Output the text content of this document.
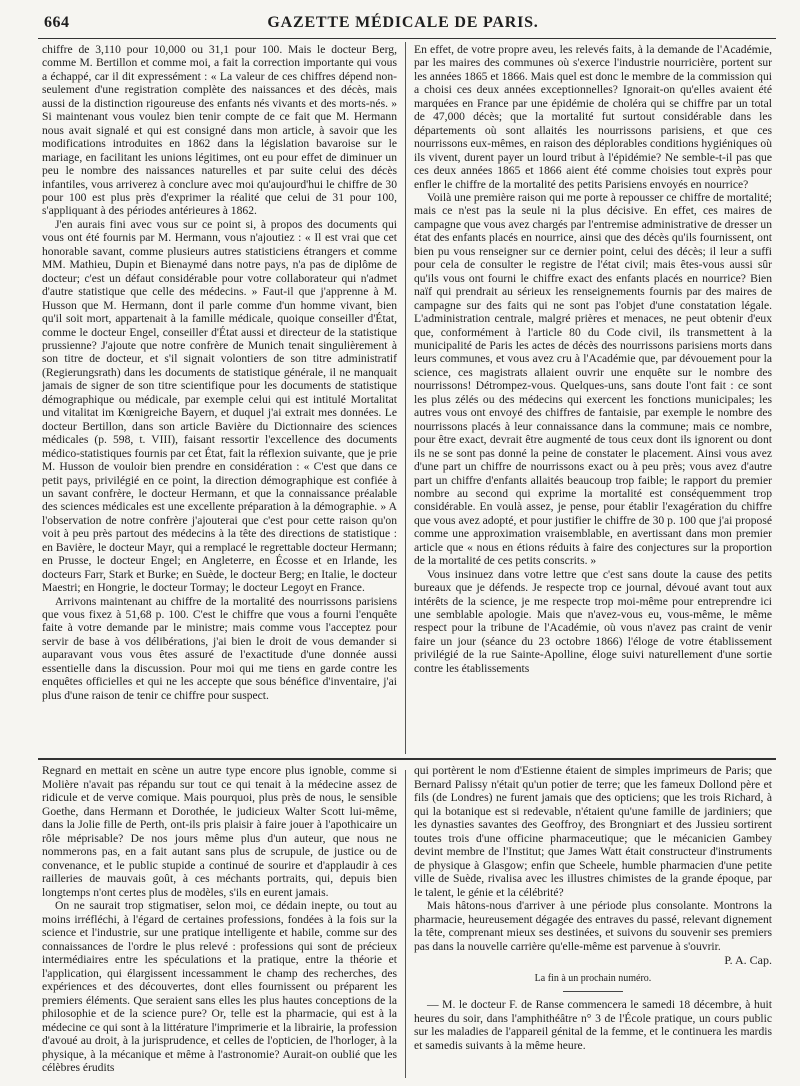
664	GAZETTE MÉDICALE DE PARIS.

chiffre de 3,110 pour 10,000 ou 31,1 pour 100. Mais le docteur Berg, comme M. Bertillon et comme moi, a fait la correction importante qui vous a échappé, car il dit expressément : « La valeur de ces chiffres dépend non-seulement d'une registration complète des naissances et des décès, mais aussi de la distinction rigoureuse des enfants nés vivants et des morts-nés. » Si maintenant vous voulez bien tenir compte de ce fait que M. Hermann nous avait signalé et qui est consigné dans mon article, à savoir que les modifications introduites en 1862 dans la législation bavaroise sur le mariage, en facilitant les unions légitimes, ont eu pour effet de diminuer un peu le nombre des naissances naturelles et par suite celui des décès infantiles, vous arriverez à conclure avec moi qu'aujourd'hui le chiffre de 30 pour 100 est plus près d'exprimer la réalité que celui de 31 pour 100, s'appliquant à des périodes antérieures à 1862.

J'en aurais fini avec vous sur ce point si, à propos des documents qui vous ont été fournis par M. Hermann, vous n'ajoutiez : « Il est vrai que cet honorable savant, comme plusieurs autres statisticiens étrangers et comme MM. Mathieu, Dupin et Bienaymé dans notre pays, n'a pas de diplôme de docteur; c'est un défaut considérable pour votre collaborateur qui n'admet d'autre statistique que celle des médecins. » Faut-il que j'apprenne à M. Husson que M. Hermann, dont il parle comme d'un homme vivant, bien qu'il soit mort, appartenait à la famille médicale, quoique conseiller d'État, comme le docteur Engel, conseiller d'État aussi et directeur de la statistique prussienne? J'ajoute que notre confrère de Munich tenait singulièrement à son titre de docteur, et s'il signait volontiers de son titre administratif (Regierungsrath) dans les documents de statistique générale, il ne manquait jamais de signer de son titre scientifique pour les documents de statistique démographique ou médicale, par exemple celui qui est intitulé Mortalitat und vitalitat im Kœnigreiche Bayern, et duquel j'ai extrait mes données. Le docteur Bertillon, dans son article Bavière du Dictionnaire des sciences médicales (p. 598, t. VIII), faisant ressortir l'excellence des documents médico-statistiques fournis par cet État, fait la réflexion suivante, que je prie M. Husson de vouloir bien prendre en considération : « C'est que dans ce petit pays, privilégié en ce point, la direction démographique est confiée à un savant confrère, le docteur Hermann, et que la connaissance préalable des sciences médicales est une excellente préparation à la démographie. » A l'observation de notre confrère j'ajouterai que c'est pour cette raison qu'on voit à peu près partout des médecins à la tête des directions de statistique : en Bavière, le docteur Mayr, qui a remplacé le regrettable docteur Hermann; en Prusse, le docteur Engel; en Angleterre, en Écosse et en Irlande, les docteurs Farr, Stark et Burke; en Suède, le docteur Berg; en Italie, le docteur Maestri; en Hongrie, le docteur Tormay; le docteur Legoyt en France.

Arrivons maintenant au chiffre de la mortalité des nourrissons parisiens que vous fixez à 51,68 p. 100. C'est le chiffre que vous a fourni l'enquête faite à votre demande par le ministre; mais comme vous l'acceptez pour servir de base à vos délibérations, j'ai bien le droit de vous demander si auparavant vous vous êtes assuré de l'exactitude d'une donnée aussi essentielle dans la discussion. Pour moi qui me tiens en garde contre les enquêtes officielles et qui ne les accepte que sous bénéfice d'inventaire, j'ai plus d'une raison de tenir ce chiffre pour suspect.

En effet, de votre propre aveu, les relevés faits, à la demande de l'Académie, par les maires des communes où s'exerce l'industrie nourricière, portent sur les années 1865 et 1866. Mais quel est donc le membre de la commission qui a choisi ces deux années exceptionnelles? Ignorait-on qu'elles avaient été marquées en France par une épidémie de choléra qui se chiffre par un total de 47,000 décès; que la mortalité fut surtout considérable dans les départements où sont allaités les nourrissons parisiens, et que ces nourrissons eux-mêmes, en raison des déplorables conditions hygiéniques où ils vivent, durent payer un lourd tribut à l'épidémie? Ne semble-t-il pas que ces deux années 1865 et 1866 aient été comme choisies tout exprès pour enfler le chiffre de la mortalité des petits Parisiens envoyés en nourrice?

Voilà une première raison qui me porte à repousser ce chiffre de mortalité; mais ce n'est pas la seule ni la plus décisive. En effet, ces maires de campagne que vous avez chargés par l'entremise administrative de dresser un état des enfants placés en nourrice, ainsi que des décès qu'ils fournissent, ont bien pu vous renseigner sur ce dernier point, celui des décès; il leur a suffi pour cela de consulter le registre de l'état civil; mais êtes-vous aussi sûr qu'ils vous ont fourni le chiffre exact des enfants placés en nourrice? Bien naïf qui prendrait au sérieux les renseignements fournis par des maires de campagne sur des faits qui ne sont pas l'objet d'une constatation légale. L'administration centrale, malgré prières et menaces, ne peut obtenir d'eux que, conformément à l'article 80 du Code civil, ils transmettent à la municipalité de Paris les actes de décès des nourrissons parisiens morts dans leurs communes, et vous avez cru à l'Académie que, par dévouement pour la science, ces magistrats allaient ouvrir une enquête sur le nombre des nourrissons! Détrompez-vous. Quelques-uns, sans doute l'ont fait : ce sont les plus zélés ou des médecins qui exercent les fonctions municipales; les autres vous ont envoyé des chiffres de fantaisie, par exemple le nombre des nourrissons placés à leur connaissance dans la commune; mais ce nombre, pour être exact, devrait être augmenté de tous ceux dont ils ignorent ou dont ils ne se sont pas donné la peine de constater le placement. Ainsi vous avez d'une part un chiffre de nourrissons exact ou à peu près; vous avez d'autre part un chiffre d'enfants allaités beaucoup trop faible; le rapport du premier nombre au second qui exprime la mortalité est conséquemment trop considérable. En voulà assez, je pense, pour établir l'exagération du chiffre que vous avez adopté, et pour justifier le chiffre de 30 p. 100 que j'ai proposé comme une approximation vraisemblable, en avertissant dans mon premier article que « nous en étions réduits à faire des conjectures sur la proportion de la mortalité de ces petits conscrits. »

Vous insinuez dans votre lettre que c'est sans doute la cause des petits bureaux que je défends. Je respecte trop ce journal, dévoué avant tout aux intérêts de la science, je me respecte trop moi-même pour entreprendre ici une semblable apologie. Mais que n'avez-vous eu, vous-même, le même respect pour la tribune de l'Académie, où vous n'avez pas craint de venir faire un jour (séance du 23 octobre 1866) l'éloge de votre établissement privilégié de la rue Sainte-Apolline, éloge suivi naturellement d'une sortie contre les établissements

Regnard en mettait en scène un autre type encore plus ignoble, comme si Molière n'avait pas répandu sur tout ce qui tenait à la médecine assez de ridicule et de verve comique. Mais pourquoi, plus près de nous, le sensible Goethe, dans Hermann et Dorothée, le judicieux Walter Scott lui-même, dans la Jolie fille de Perth, ont-ils pris plaisir à faire jouer à l'apothicaire un rôle méprisable? De nos jours même plus d'un auteur, que nous ne nommerons pas, en a fait autant sans plus de scrupule, de justice ou de convenance, et le public stupide a continué de sourire et d'applaudir à ces railleries de mauvais goût, à ces méchants portraits, qui, depuis bien longtemps n'ont certes plus de modèles, s'ils en eurent jamais.

On ne saurait trop stigmatiser, selon moi, ce dédain inepte, ou tout au moins irréfléchi, à l'égard de certaines professions, fondées à la fois sur la science et l'industrie, sur une pratique intelligente et habile, comme sur des connaissances de l'ordre le plus relevé : professions qui sont de précieux intermédiaires entre les spéculations et la pratique, entre la théorie et l'application, qui élargissent incessamment le champ des recherches, des expériences et des découvertes, dont elles fournissent ou préparent les premiers éléments. Que seraient sans elles les plus hautes conceptions de la philosophie et de la science pure? Or, telle est la pharmacie, qui est à la médecine ce qui sont à la littérature l'imprimerie et la librairie, la profession d'avoué au droit, à la jurisprudence, et celles de l'opticien, de l'horloger, à la physique, à la mécanique et même à l'astronomie? Aurait-on oublié que les célèbres érudits

qui portèrent le nom d'Estienne étaient de simples imprimeurs de Paris; que Bernard Palissy n'était qu'un potier de terre; que les fameux Dollond père et fils (de Londres) ne furent jamais que des opticiens; que les trois Richard, à qui la botanique est si redevable, n'étaient qu'une famille de jardiniers; que les dynasties savantes des Geoffroy, des Brongniart et des Jussieu sortirent toutes trois d'une officine pharmaceutique; que le mécanicien Gambey devint membre de l'Institut; que James Watt était constructeur d'instruments de physique à Glasgow; enfin que Scheele, humble pharmacien d'une petite ville de Suède, rivalisa avec les illustres chimistes de la grande époque, par le talent, le génie et la célébrité?

Mais hâtons-nous d'arriver à une période plus consolante. Montrons la pharmacie, heureusement dégagée des entraves du passé, relevant dignement la tête, comprenant mieux ses destinées, et suivons du souvenir ses premiers pas dans la nouvelle carrière qu'elle-même est parvenue à s'ouvrir.

P. A. Cap.
La fin à un prochain numéro.

— M. le docteur F. de Ranse commencera le samedi 18 décembre, à huit heures du soir, dans l'amphithéâtre n° 3 de l'École pratique, un cours public sur les maladies de l'appareil génital de la femme, et le continuera les mardis et samedis suivants à la même heure.
